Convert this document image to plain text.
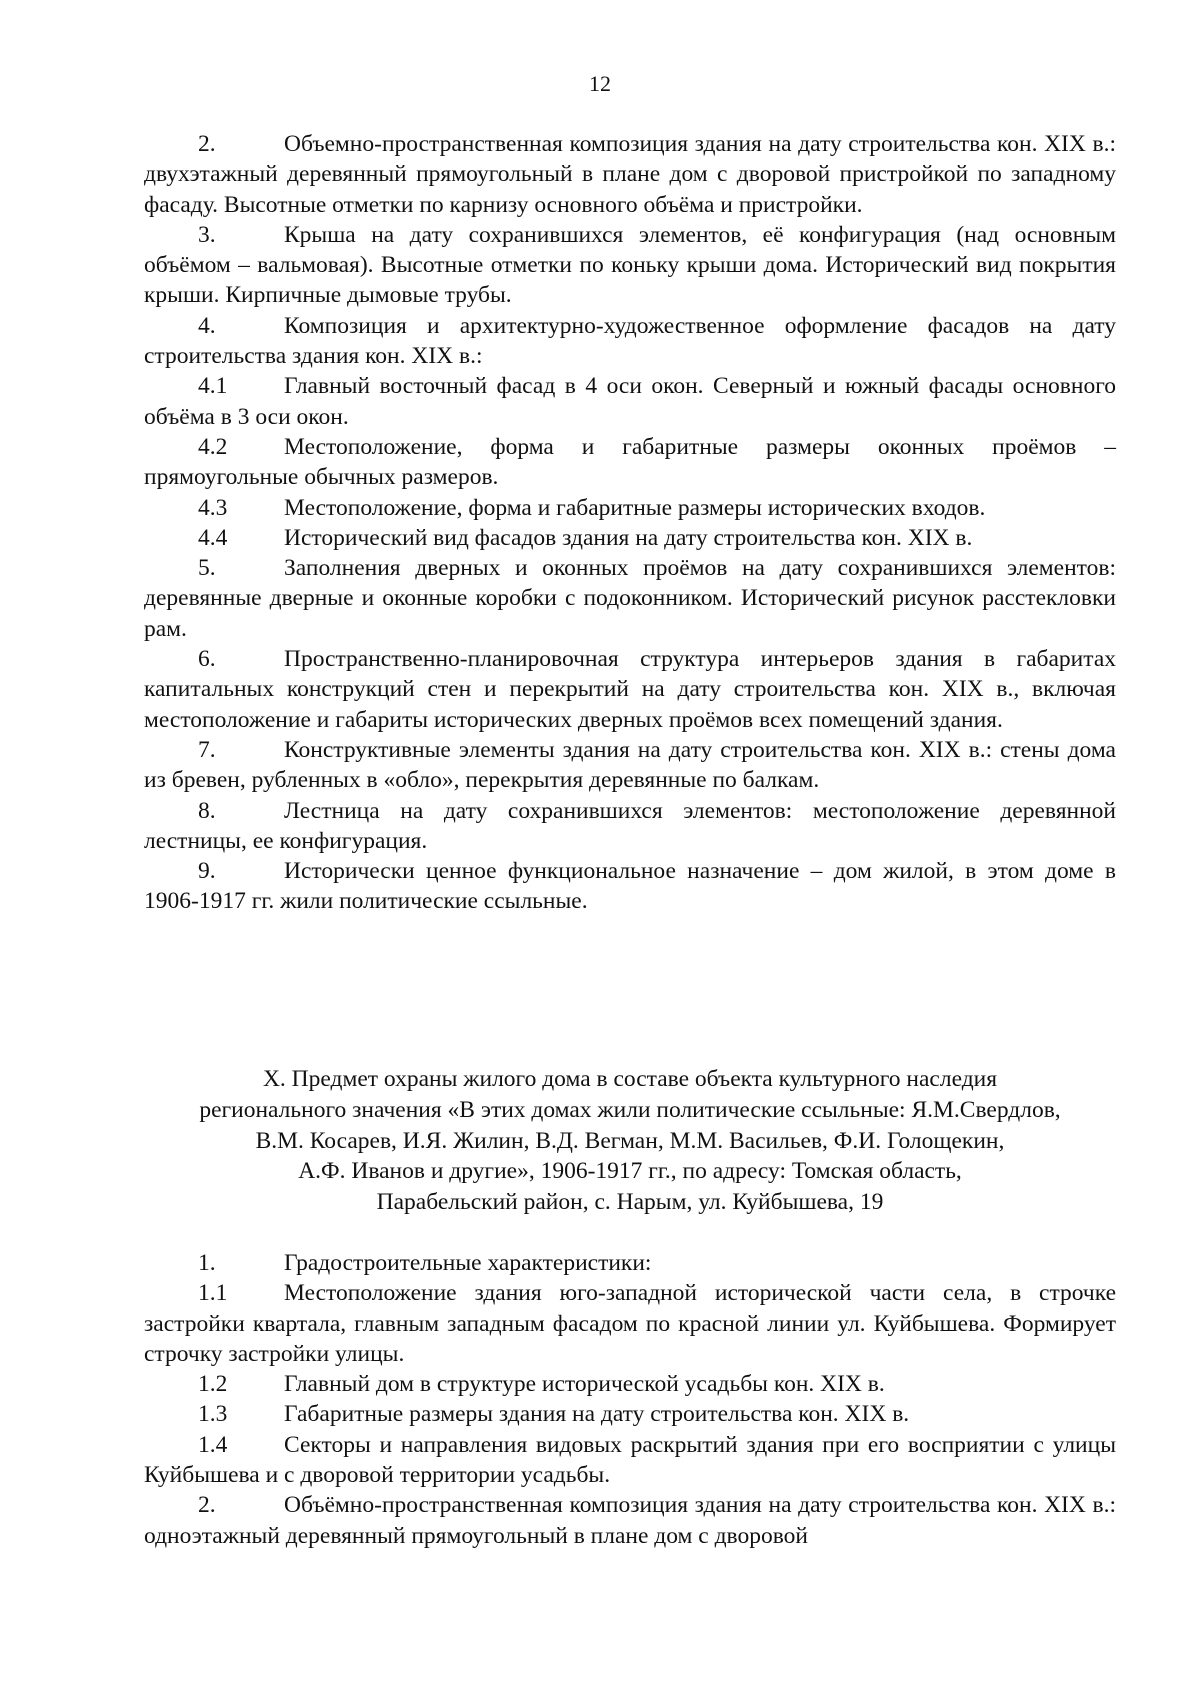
12
2.	Объемно-пространственная композиция здания на дату строительства кон. XIX в.: двухэтажный деревянный прямоугольный в плане дом с дворовой пристройкой по западному фасаду. Высотные отметки по карнизу основного объёма и пристройки.
3.	Крыша на дату сохранившихся элементов, её конфигурация (над основным объёмом – вальмовая). Высотные отметки по коньку крыши дома. Исторический вид покрытия крыши. Кирпичные дымовые трубы.
4.	Композиция и архитектурно-художественное оформление фасадов на дату строительства здания кон. XIX в.:
4.1 Главный восточный фасад в 4 оси окон. Северный и южный фасады основного объёма в 3 оси окон.
4.2 Местоположение, форма и габаритные размеры оконных проёмов – прямоугольные обычных размеров.
4.3 Местоположение, форма и габаритные размеры исторических входов.
4.4 Исторический вид фасадов здания на дату строительства кон. XIX в.
5.	Заполнения дверных и оконных проёмов на дату сохранившихся элементов: деревянные дверные и оконные коробки с подоконником. Исторический рисунок расстекловки рам.
6.	Пространственно-планировочная структура интерьеров здания в габаритах капитальных конструкций стен и перекрытий на дату строительства кон. XIX в., включая местоположение и габариты исторических дверных проёмов всех помещений здания.
7.	Конструктивные элементы здания на дату строительства кон. XIX в.: стены дома из бревен, рубленных в «обло», перекрытия деревянные по балкам.
8.	Лестница на дату сохранившихся элементов: местоположение деревянной лестницы, ее конфигурация.
9.	Исторически ценное функциональное назначение – дом жилой, в этом доме в 1906-1917 гг. жили политические ссыльные.
X. Предмет охраны жилого дома в составе объекта культурного наследия
регионального значения «В этих домах жили политические ссыльные: Я.М.Свердлов,
В.М. Косарев, И.Я. Жилин, В.Д. Вегман, М.М. Васильев, Ф.И. Голощекин,
А.Ф. Иванов и другие», 1906-1917 гг., по адресу: Томская область,
Парабельский район, с. Нарым, ул. Куйбышева, 19
1.	Градостроительные характеристики:
1.1 Местоположение здания юго-западной исторической части села, в строчке застройки квартала, главным западным фасадом по красной линии ул. Куйбышева. Формирует строчку застройки улицы.
1.2 Главный дом в структуре исторической усадьбы кон. XIX в.
1.3 Габаритные размеры здания на дату строительства кон. XIX в.
1.4 Секторы и направления видовых раскрытий здания при его восприятии с улицы Куйбышева и с дворовой территории усадьбы.
2.	Объёмно-пространственная композиция здания на дату строительства кон. XIX в.: одноэтажный деревянный прямоугольный в плане дом с дворовой
